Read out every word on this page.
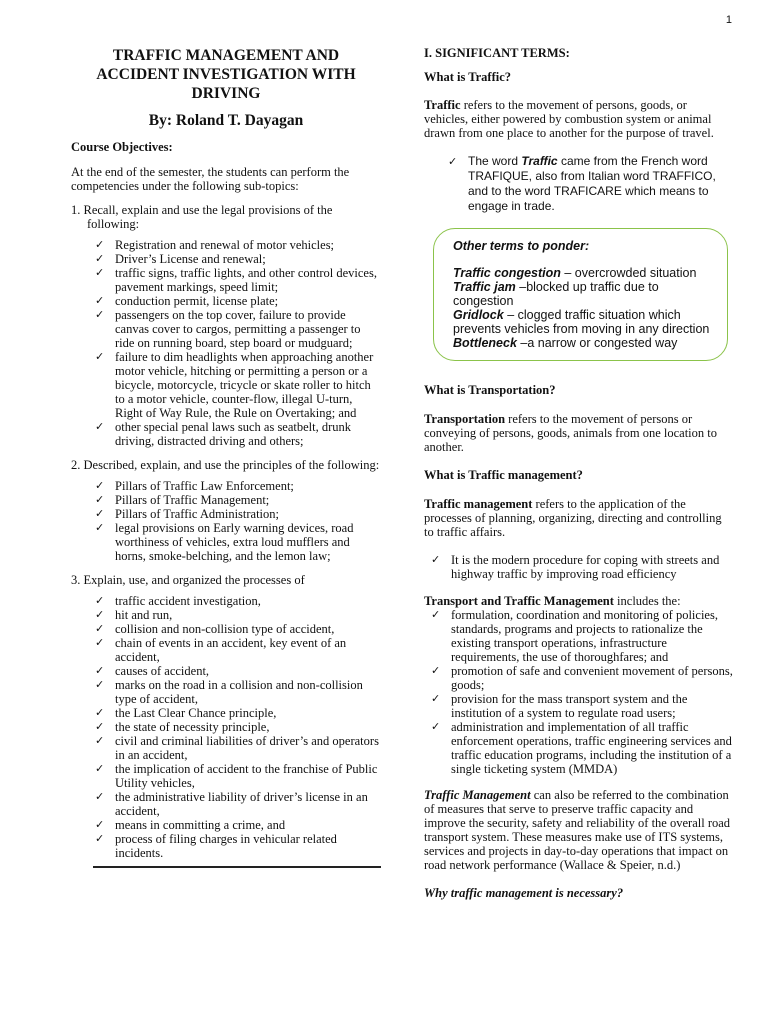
1

TRAFFIC MANAGEMENT AND
ACCIDENT INVESTIGATION WITH
DRIVING

By: Roland T. Dayagan

Course Objectives:

At the end of the semester, the students can perform the competencies under the following sub-topics:

1. Recall, explain and use the legal provisions of the following:

✓ Registration and renewal of motor vehicles;
✓ Driver’s License and renewal;
✓ traffic signs, traffic lights, and other control devices, pavement markings, speed limit;
✓ conduction permit, license plate;
✓ passengers on the top cover, failure to provide canvas cover to cargos, permitting a passenger to ride on running board, step board or mudguard;
✓ failure to dim headlights when approaching another motor vehicle, hitching or permitting a person or a bicycle, motorcycle, tricycle or skate roller to hitch to a motor vehicle, counter-flow, illegal U-turn, Right of Way Rule, the Rule on Overtaking; and
✓ other special penal laws such as seatbelt, drunk driving, distracted driving and others;

2. Described, explain, and use the principles of the following:

✓ Pillars of Traffic Law Enforcement;
✓ Pillars of Traffic Management;
✓ Pillars of Traffic Administration;
✓ legal provisions on Early warning devices, road worthiness of vehicles, extra loud mufflers and horns, smoke-belching, and the lemon law;

3. Explain, use, and organized the processes of

✓ traffic accident investigation,
✓ hit and run,
✓ collision and non-collision type of accident,
✓ chain of events in an accident, key event of an accident,
✓ causes of accident,
✓ marks on the road in a collision and non-collision type of accident,
✓ the Last Clear Chance principle,
✓ the state of necessity principle,
✓ civil and criminal liabilities of driver’s and operators in an accident,
✓ the implication of accident to the franchise of Public Utility vehicles,
✓ the administrative liability of driver’s license in an accident,
✓ means in committing a crime, and
✓ process of filing charges in vehicular related incidents.

I. SIGNIFICANT TERMS:

What is Traffic?

Traffic refers to the movement of persons, goods, or vehicles, either powered by combustion system or animal drawn from one place to another for the purpose of travel.

✓ The word Traffic came from the French word TRAFIQUE, also from Italian word TRAFFICO, and to the word TRAFICARE which means to engage in trade.
Other terms to ponder:
Traffic congestion – overcrowded situation
Traffic jam –blocked up traffic due to congestion
Gridlock – clogged traffic situation which prevents vehicles from moving in any direction
Bottleneck –a narrow or congested way

What is Transportation?

Transportation refers to the movement of persons or conveying of persons, goods, animals from one location to another.

What is Traffic management?

Traffic management refers to the application of the processes of planning, organizing, directing and controlling to traffic affairs.

✓ It is the modern procedure for coping with streets and highway traffic by improving road efficiency

Transport and Traffic Management includes the:

✓ formulation, coordination and monitoring of policies, standards, programs and projects to rationalize the existing transport operations, infrastructure requirements, the use of thoroughfares; and
✓ promotion of safe and convenient movement of persons, goods;
✓ provision for the mass transport system and the institution of a system to regulate road users;
✓ administration and implementation of all traffic enforcement operations, traffic engineering services and traffic education programs, including the institution of a single ticketing system (MMDA)

Traffic Management can also be referred to the combination of measures that serve to preserve traffic capacity and improve the security, safety and reliability of the overall road transport system. These measures make use of ITS systems, services and projects in day-to-day operations that impact on road network performance (Wallace & Speier, n.d.)

Why traffic management is necessary?
